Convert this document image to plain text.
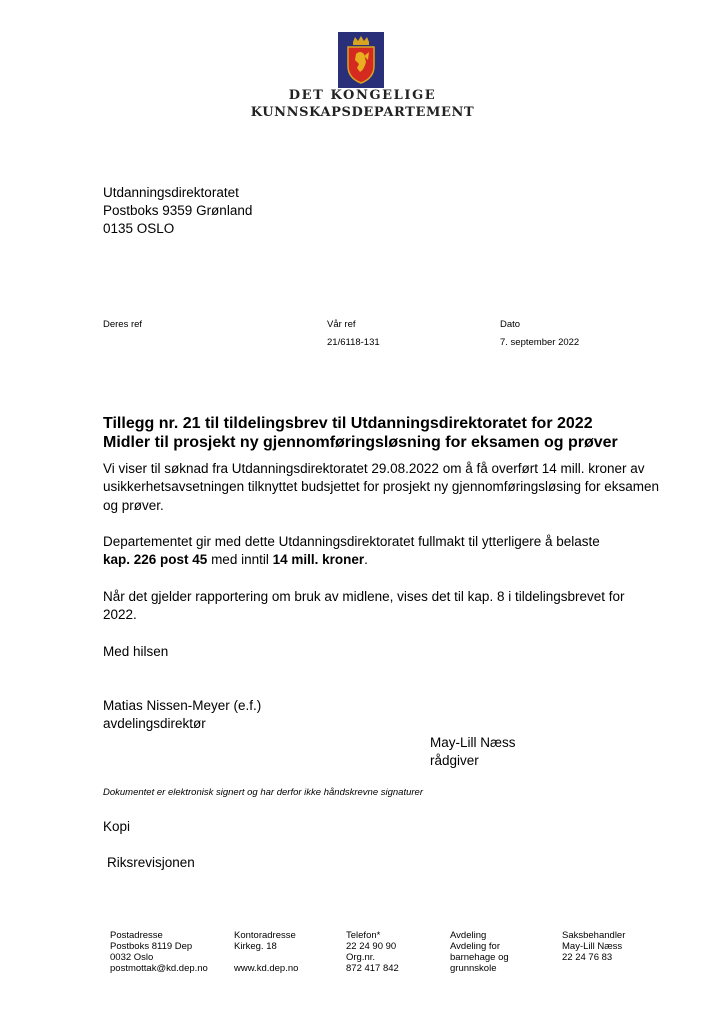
DET KONGELIGE
KUNNSKAPSDEPARTEMENT
Utdanningsdirektoratet
Postboks 9359 Grønland
0135 OSLO
Deres ref	Vår ref
21/6118-131
Dato
7. september 2022
Tillegg nr. 21 til tildelingsbrev til Utdanningsdirektoratet for 2022
Midler til prosjekt ny gjennomføringsløsning for eksamen og prøver
Vi viser til søknad fra Utdanningsdirektoratet 29.08.2022 om å få overført 14 mill. kroner av
usikkerhetsavsetningen tilknyttet budsjettet for prosjekt ny gjennomføringsløsing for eksamen
og prøver.
Departementet gir med dette Utdanningsdirektoratet fullmakt til ytterligere å belaste
kap. 226 post 45 med inntil 14 mill. kroner.
Når det gjelder rapportering om bruk av midlene, vises det til kap. 8 i tildelingsbrevet for
2022.
Med hilsen
Matias Nissen-Meyer (e.f.)
avdelingsdirektør
May-Lill Næss
rådgiver
Dokumentet er elektronisk signert og har derfor ikke håndskrevne signaturer
Kopi
Riksrevisjonen
Postadresse
Postboks 8119 Dep
0032 Oslo
postmottak@kd.dep.no
Kontoradresse
Kirkeg. 18
www.kd.dep.no
Telefon*
22 24 90 90
Org.nr.
872 417 842
Avdeling
Avdeling for
barnehage og
grunnskole
Saksbehandler
May-Lill Næss
22 24 76 83
